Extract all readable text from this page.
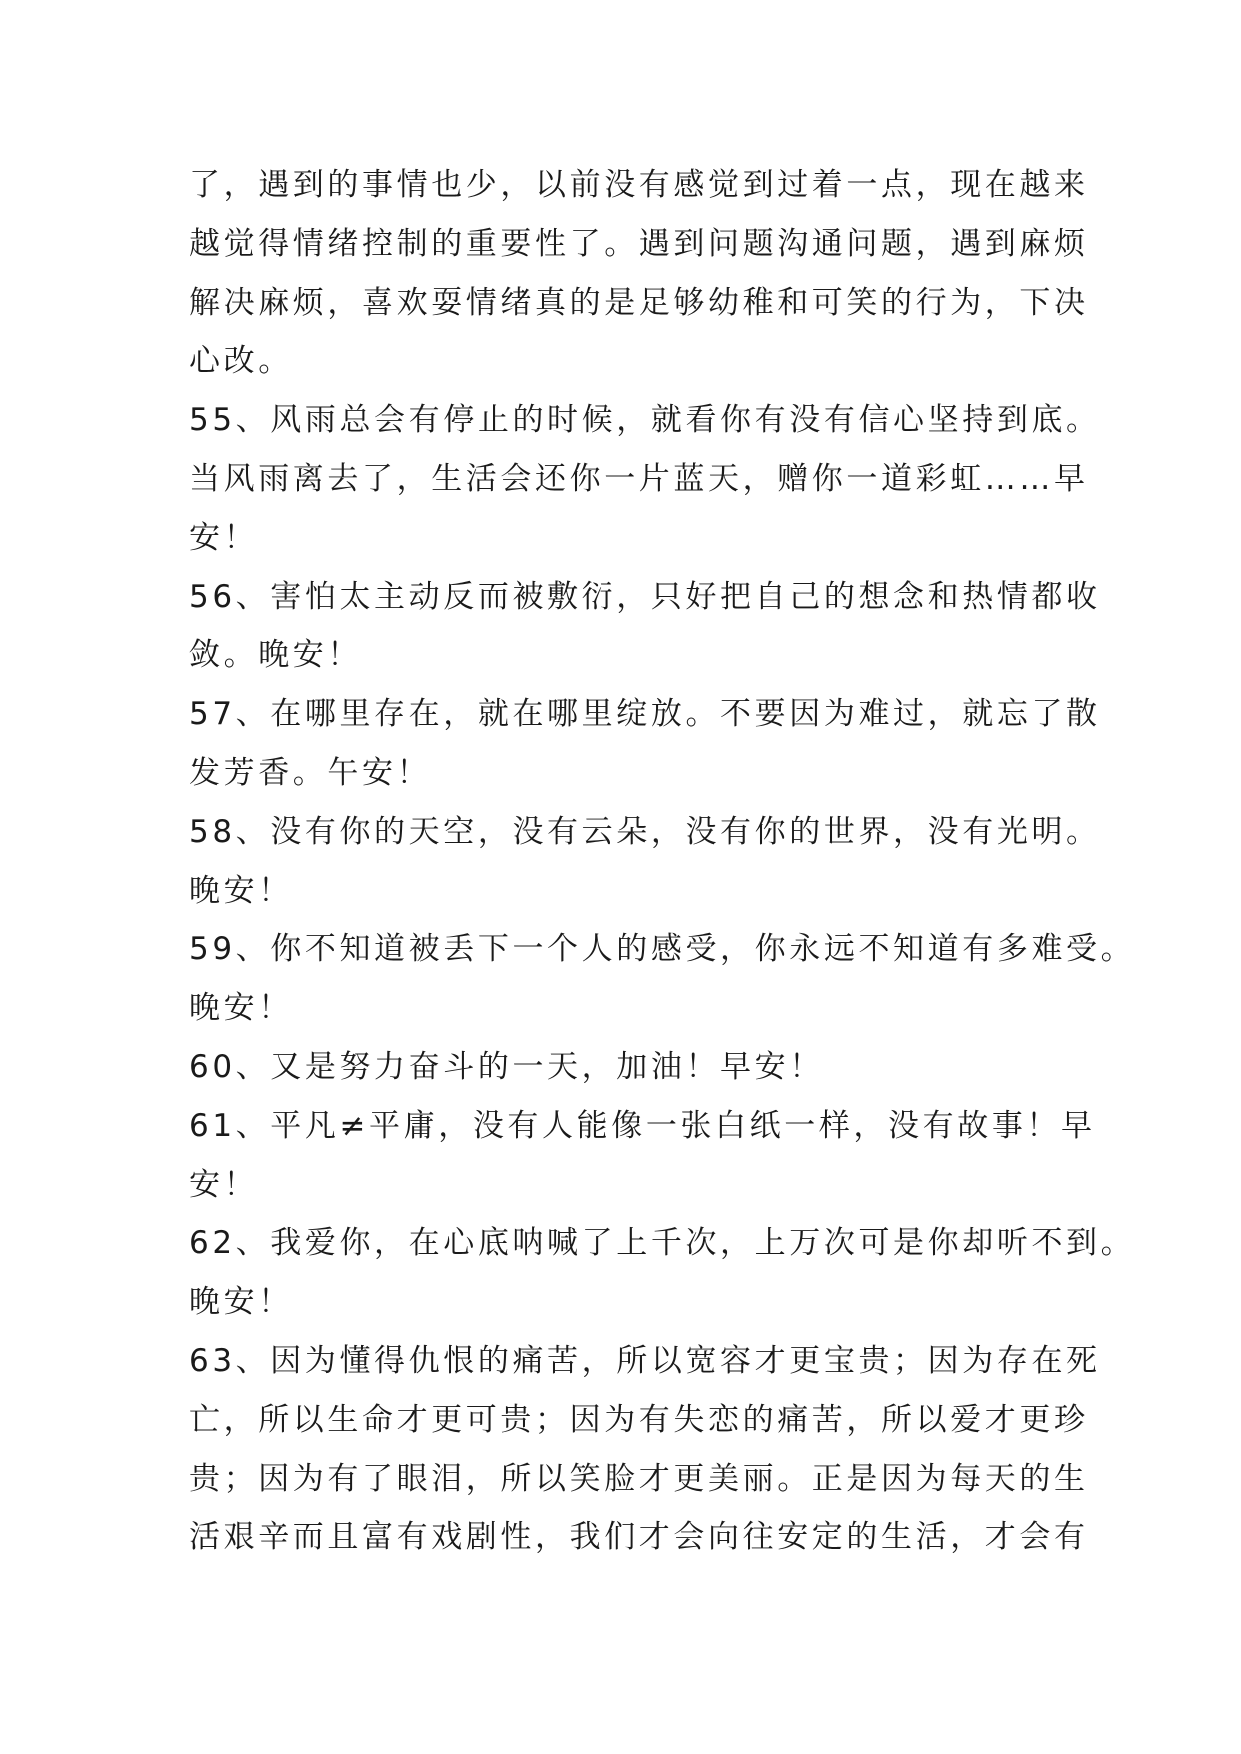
了，遇到的事情也少，以前没有感觉到过着一点，现在越来
越觉得情绪控制的重要性了。遇到问题沟通问题，遇到麻烦
解决麻烦，喜欢耍情绪真的是足够幼稚和可笑的行为，下决
心改。
55、风雨总会有停止的时候，就看你有没有信心坚持到底。
当风雨离去了，生活会还你一片蓝天，赠你一道彩虹……早
安！
56、害怕太主动反而被敷衍，只好把自己的想念和热情都收
敛。晚安！
57、在哪里存在，就在哪里绽放。不要因为难过，就忘了散
发芳香。午安！
58、没有你的天空，没有云朵，没有你的世界，没有光明。
晚安！
59、你不知道被丢下一个人的感受，你永远不知道有多难受。
晚安！
60、又是努力奋斗的一天，加油！早安！
61、平凡≠平庸，没有人能像一张白纸一样，没有故事！早
安！
62、我爱你，在心底呐喊了上千次，上万次可是你却听不到。
晚安！
63、因为懂得仇恨的痛苦，所以宽容才更宝贵；因为存在死
亡，所以生命才更可贵；因为有失恋的痛苦，所以爱才更珍
贵；因为有了眼泪，所以笑脸才更美丽。正是因为每天的生
活艰辛而且富有戏剧性，我们才会向往安定的生活，才会有
